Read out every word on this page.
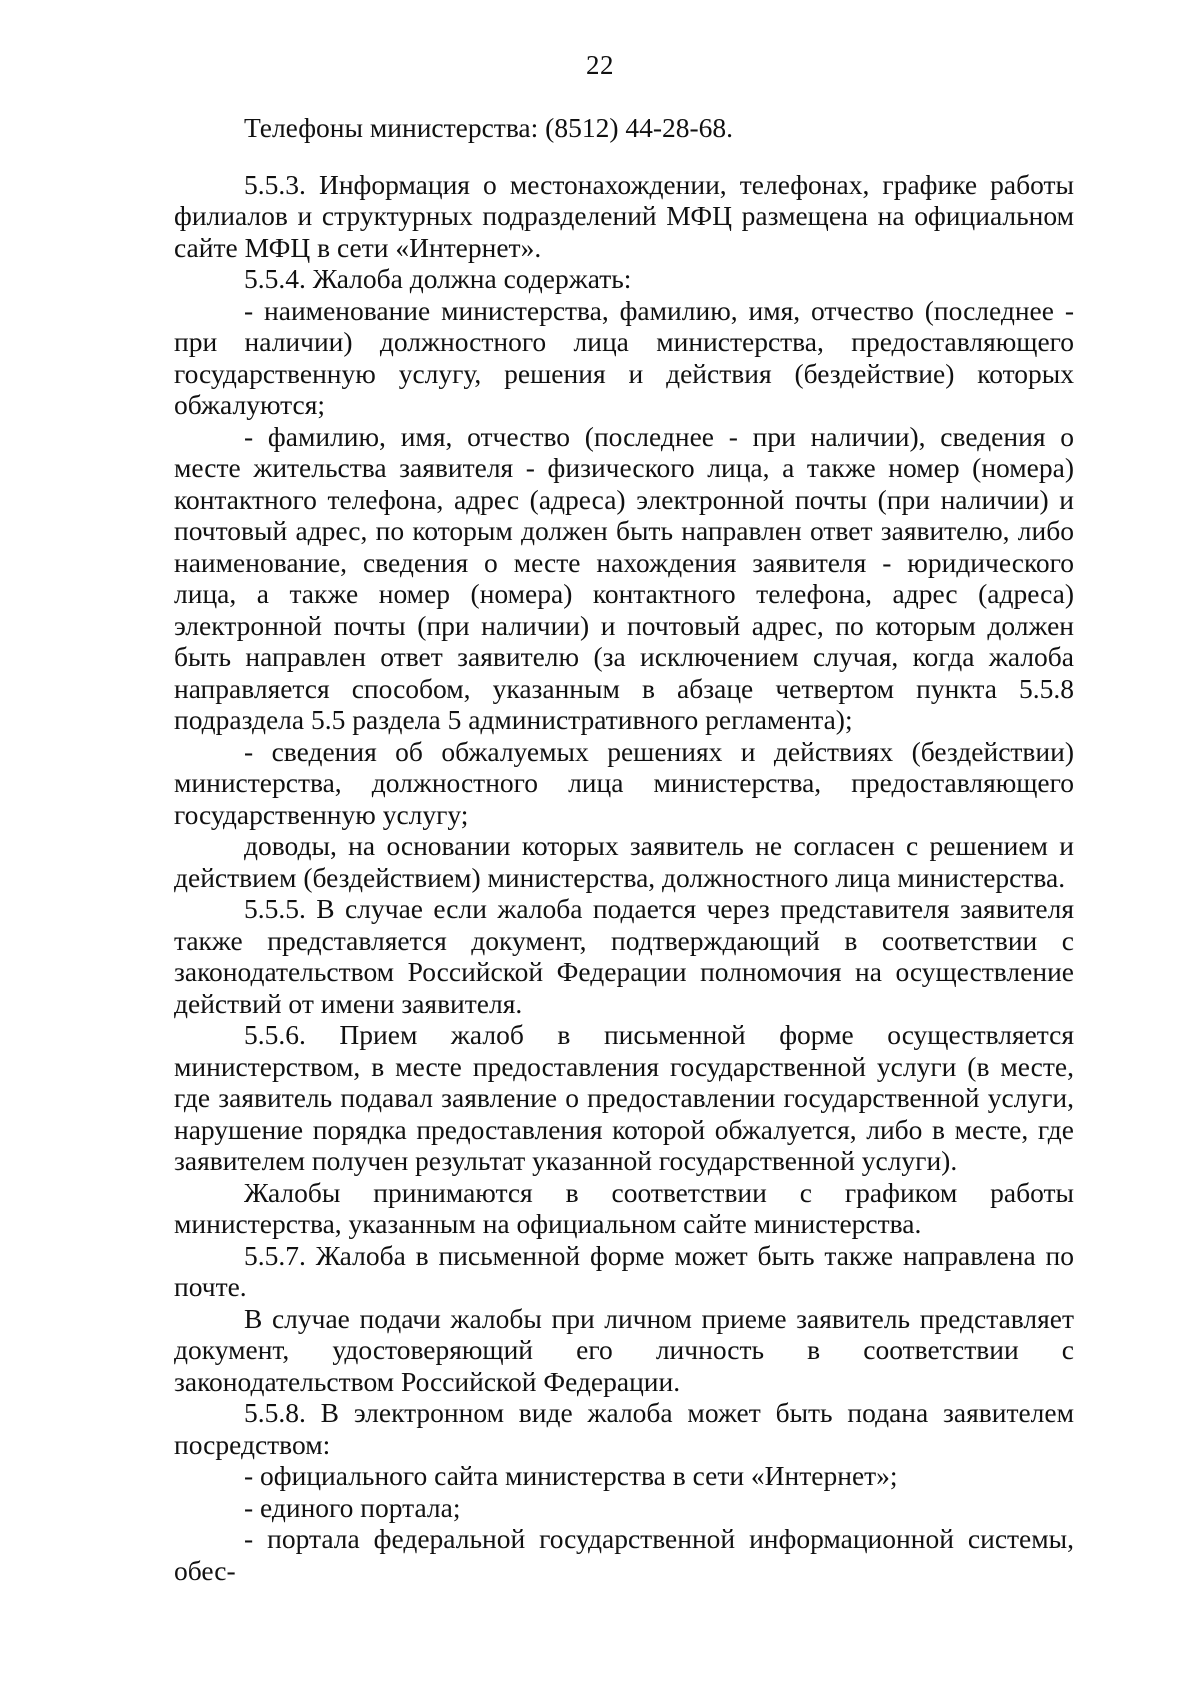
22

Телефоны министерства: (8512) 44-28-68.

5.5.3. Информация о местонахождении, телефонах, графике работы филиалов и структурных подразделений МФЦ размещена на официальном сайте МФЦ в сети «Интернет».

5.5.4. Жалоба должна содержать:

- наименование министерства, фамилию, имя, отчество (последнее - при наличии) должностного лица министерства, предоставляющего государственную услугу, решения и действия (бездействие) которых обжалуются;

- фамилию, имя, отчество (последнее - при наличии), сведения о месте жительства заявителя - физического лица, а также номер (номера) контактного телефона, адрес (адреса) электронной почты (при наличии) и почтовый адрес, по которым должен быть направлен ответ заявителю, либо наименование, сведения о месте нахождения заявителя - юридического лица, а также номер (номера) контактного телефона, адрес (адреса) электронной почты (при наличии) и почтовый адрес, по которым должен быть направлен ответ заявителю (за исключением случая, когда жалоба направляется способом, указанным в абзаце четвертом пункта 5.5.8 подраздела 5.5 раздела 5 административного регламента);

- сведения об обжалуемых решениях и действиях (бездействии) министерства, должностного лица министерства, предоставляющего государственную услугу;

доводы, на основании которых заявитель не согласен с решением и действием (бездействием) министерства, должностного лица министерства.

5.5.5. В случае если жалоба подается через представителя заявителя также представляется документ, подтверждающий в соответствии с законодательством Российской Федерации полномочия на осуществление действий от имени заявителя.

5.5.6. Прием жалоб в письменной форме осуществляется министерством, в месте предоставления государственной услуги (в месте, где заявитель подавал заявление о предоставлении государственной услуги, нарушение порядка предоставления которой обжалуется, либо в месте, где заявителем получен результат указанной государственной услуги).

Жалобы принимаются в соответствии с графиком работы министерства, указанным на официальном сайте министерства.

5.5.7. Жалоба в письменной форме может быть также направлена по почте.

В случае подачи жалобы при личном приеме заявитель представляет документ, удостоверяющий его личность в соответствии с законодательством Российской Федерации.

5.5.8. В электронном виде жалоба может быть подана заявителем посредством:

- официального сайта министерства в сети «Интернет»;

- единого портала;

- портала федеральной государственной информационной системы, обес-
